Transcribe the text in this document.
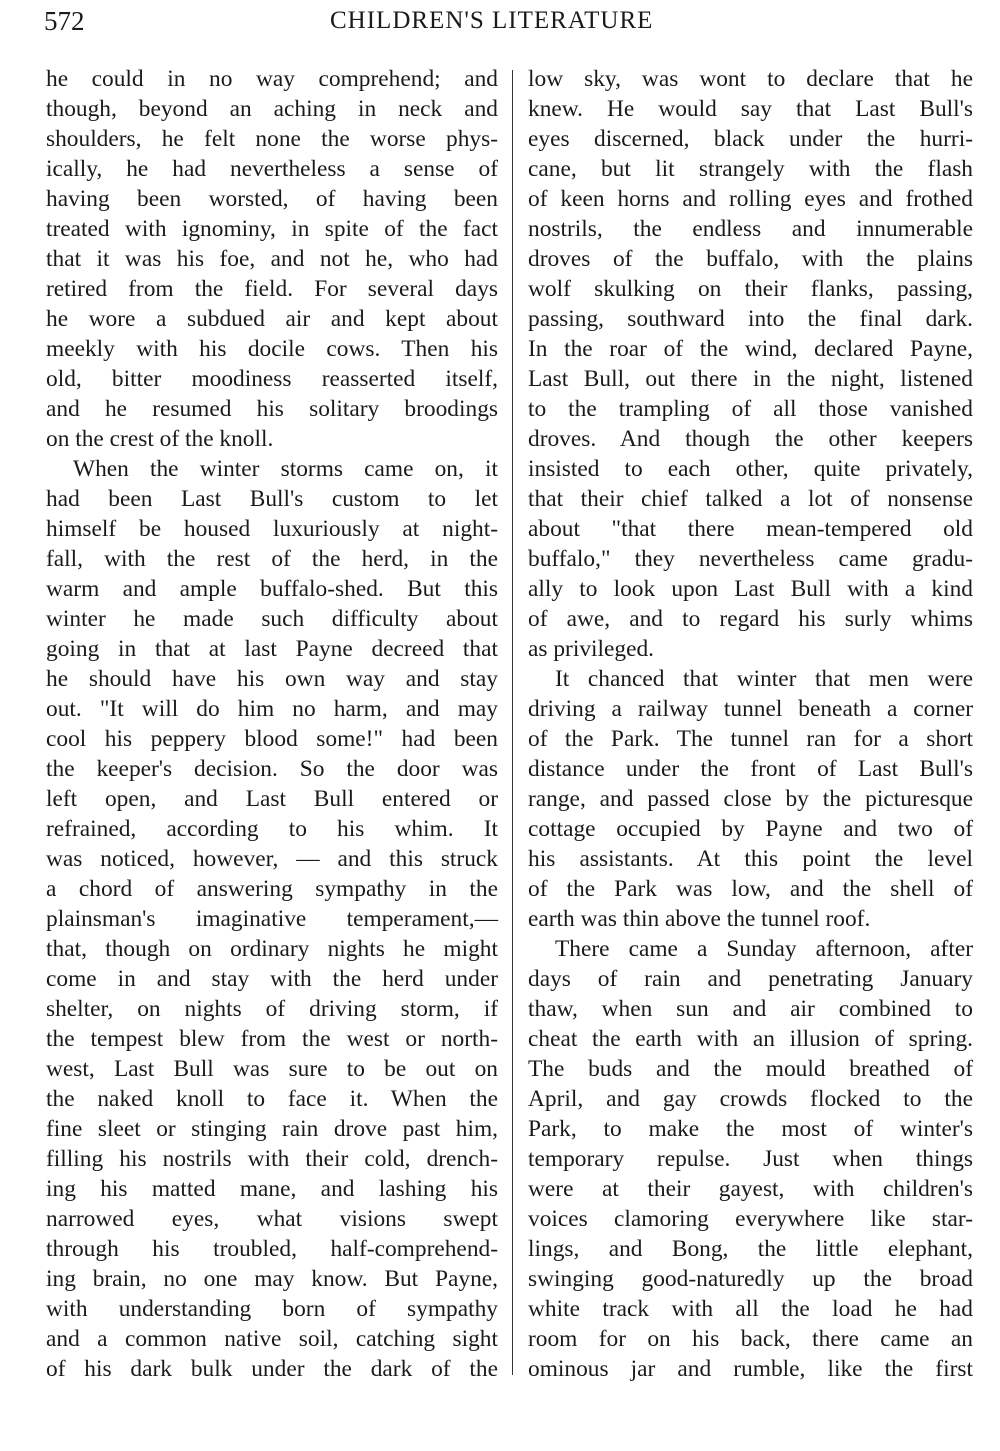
572	CHILDREN'S LITERATURE
he could in no way comprehend; and
though, beyond an aching in neck and
shoulders, he felt none the worse phys-
ically, he had nevertheless a sense of
having been worsted, of having been
treated with ignominy, in spite of the fact
that it was his foe, and not he, who had
retired from the field. For several days
he wore a subdued air and kept about
meekly with his docile cows. Then his
old, bitter moodiness reasserted itself,
and he resumed his solitary broodings
on the crest of the knoll.
When the winter storms came on, it
had been Last Bull's custom to let
himself be housed luxuriously at night-
fall, with the rest of the herd, in the
warm and ample buffalo-shed. But this
winter he made such difficulty about
going in that at last Payne decreed that
he should have his own way and stay
out. "It will do him no harm, and may
cool his peppery blood some!" had been
the keeper's decision. So the door was
left open, and Last Bull entered or
refrained, according to his whim. It
was noticed, however, — and this struck
a chord of answering sympathy in the
plainsman's imaginative temperament,—
that, though on ordinary nights he might
come in and stay with the herd under
shelter, on nights of driving storm, if
the tempest blew from the west or north-
west, Last Bull was sure to be out on
the naked knoll to face it. When the
fine sleet or stinging rain drove past him,
filling his nostrils with their cold, drench-
ing his matted mane, and lashing his
narrowed eyes, what visions swept
through his troubled, half-comprehend-
ing brain, no one may know. But Payne,
with understanding born of sympathy
and a common native soil, catching sight
of his dark bulk under the dark of the
low sky, was wont to declare that he
knew. He would say that Last Bull's
eyes discerned, black under the hurri-
cane, but lit strangely with the flash
of keen horns and rolling eyes and frothed
nostrils, the endless and innumerable
droves of the buffalo, with the plains
wolf skulking on their flanks, passing,
passing, southward into the final dark.
In the roar of the wind, declared Payne,
Last Bull, out there in the night, listened
to the trampling of all those vanished
droves. And though the other keepers
insisted to each other, quite privately,
that their chief talked a lot of nonsense
about "that there mean-tempered old
buffalo," they nevertheless came gradu-
ally to look upon Last Bull with a kind
of awe, and to regard his surly whims
as privileged.
It chanced that winter that men were
driving a railway tunnel beneath a corner
of the Park. The tunnel ran for a short
distance under the front of Last Bull's
range, and passed close by the picturesque
cottage occupied by Payne and two of
his assistants. At this point the level
of the Park was low, and the shell of
earth was thin above the tunnel roof.
There came a Sunday afternoon, after
days of rain and penetrating January
thaw, when sun and air combined to
cheat the earth with an illusion of spring.
The buds and the mould breathed of
April, and gay crowds flocked to the
Park, to make the most of winter's
temporary repulse. Just when things
were at their gayest, with children's
voices clamoring everywhere like star-
lings, and Bong, the little elephant,
swinging good-naturedly up the broad
white track with all the load he had
room for on his back, there came an
ominous jar and rumble, like the first
